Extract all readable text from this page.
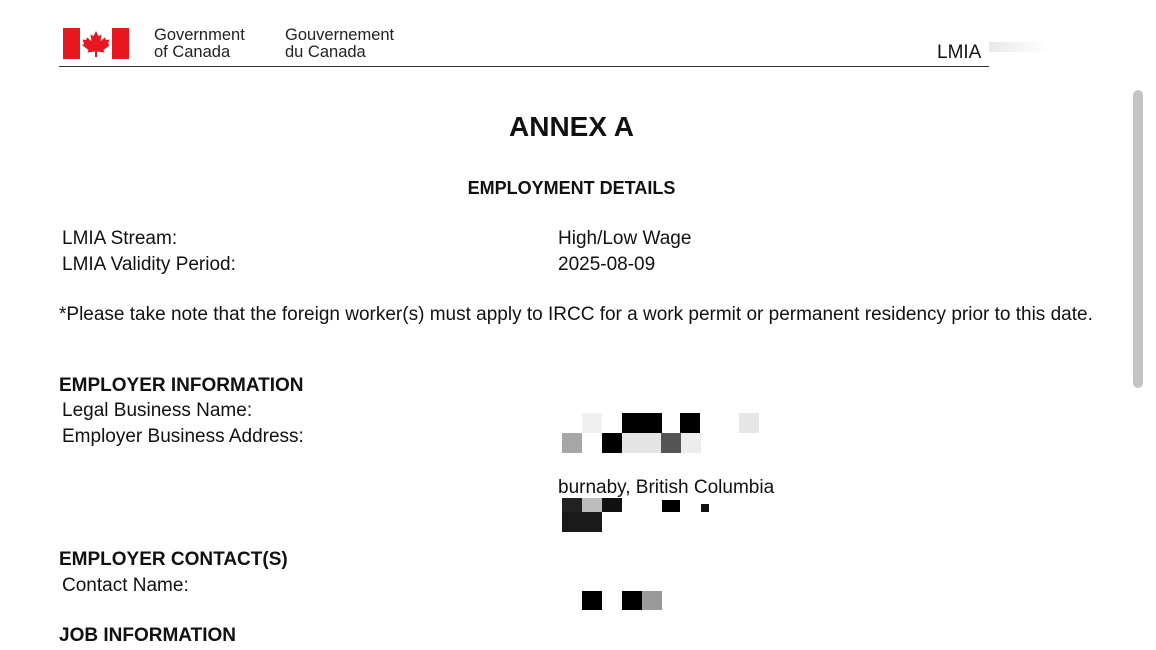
Government
of Canada
Gouvernement
du Canada	LMIA
ANNEX A
EMPLOYMENT DETAILS
LMIA Stream:	High/Low Wage
LMIA Validity Period:	2025-08-09
*Please take note that the foreign worker(s) must apply to IRCC for a work permit or permanent residency prior to this date.
EMPLOYER INFORMATION
Legal Business Name:
Employer Business Address:
burnaby, British Columbia
EMPLOYER CONTACT(S)
Contact Name:
JOB INFORMATION
